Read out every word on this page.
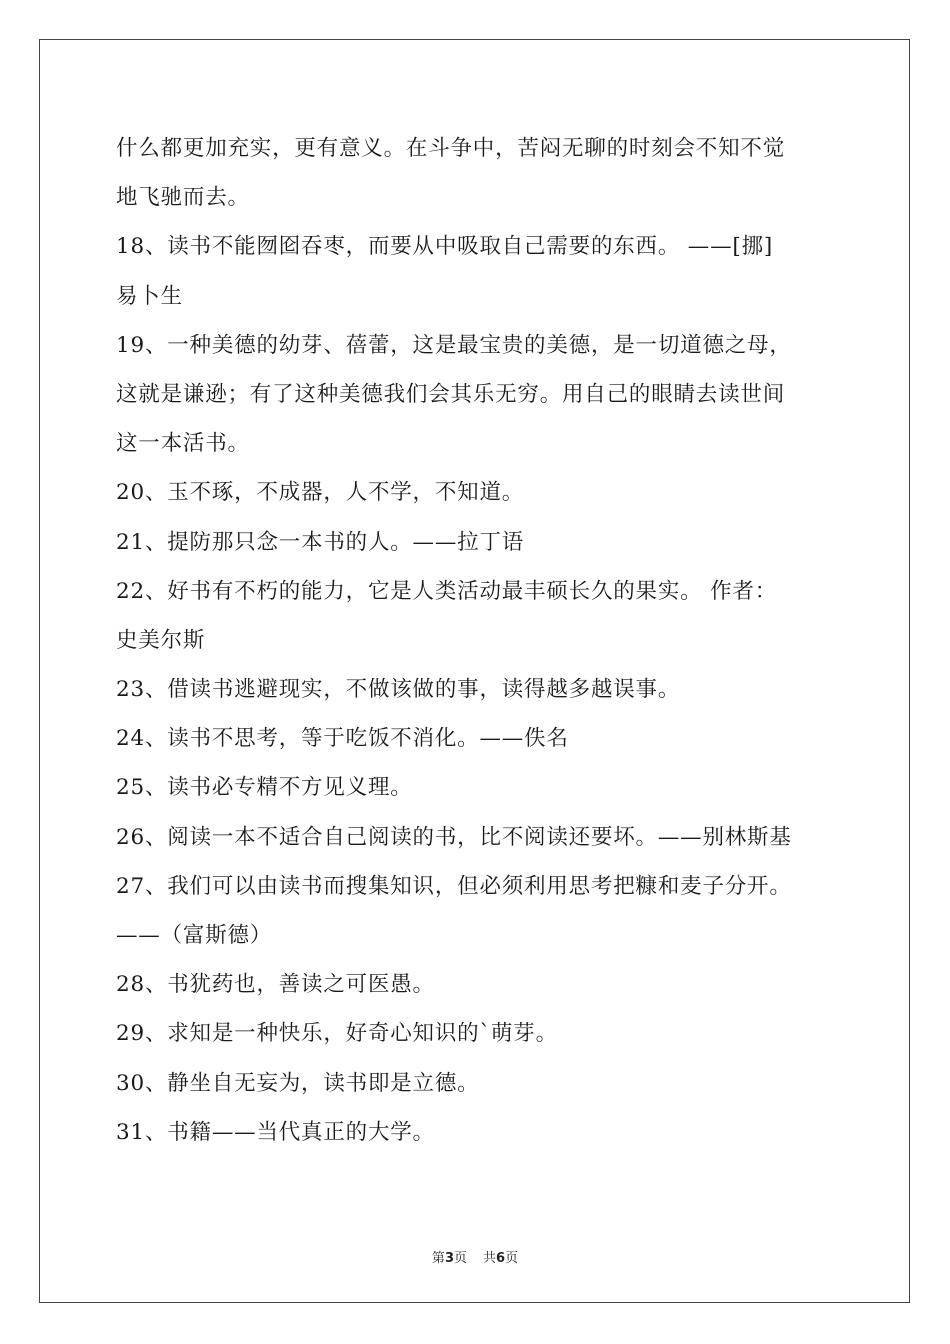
什么都更加充实，更有意义。在斗争中，苦闷无聊的时刻会不知不觉
地飞驰而去。
18、读书不能囫囵吞枣，而要从中吸取自己需要的东西。 ——[挪]
易卜生
19、一种美德的幼芽、蓓蕾，这是最宝贵的美德，是一切道德之母，
这就是谦逊；有了这种美德我们会其乐无穷。用自己的眼睛去读世间
这一本活书。
20、玉不琢，不成器，人不学，不知道。
21、提防那只念一本书的人。——拉丁语
22、好书有不朽的能力，它是人类活动最丰硕长久的果实。 作者：
史美尔斯
23、借读书逃避现实，不做该做的事，读得越多越误事。
24、读书不思考，等于吃饭不消化。——佚名
25、读书必专精不方见义理。
26、阅读一本不适合自己阅读的书，比不阅读还要坏。——别林斯基
27、我们可以由读书而搜集知识，但必须利用思考把糠和麦子分开。
——（富斯德）
28、书犹药也，善读之可医愚。
29、求知是一种快乐，好奇心知识的`萌芽。
30、静坐自无妄为，读书即是立德。
31、书籍——当代真正的大学。
第3页 共6页
